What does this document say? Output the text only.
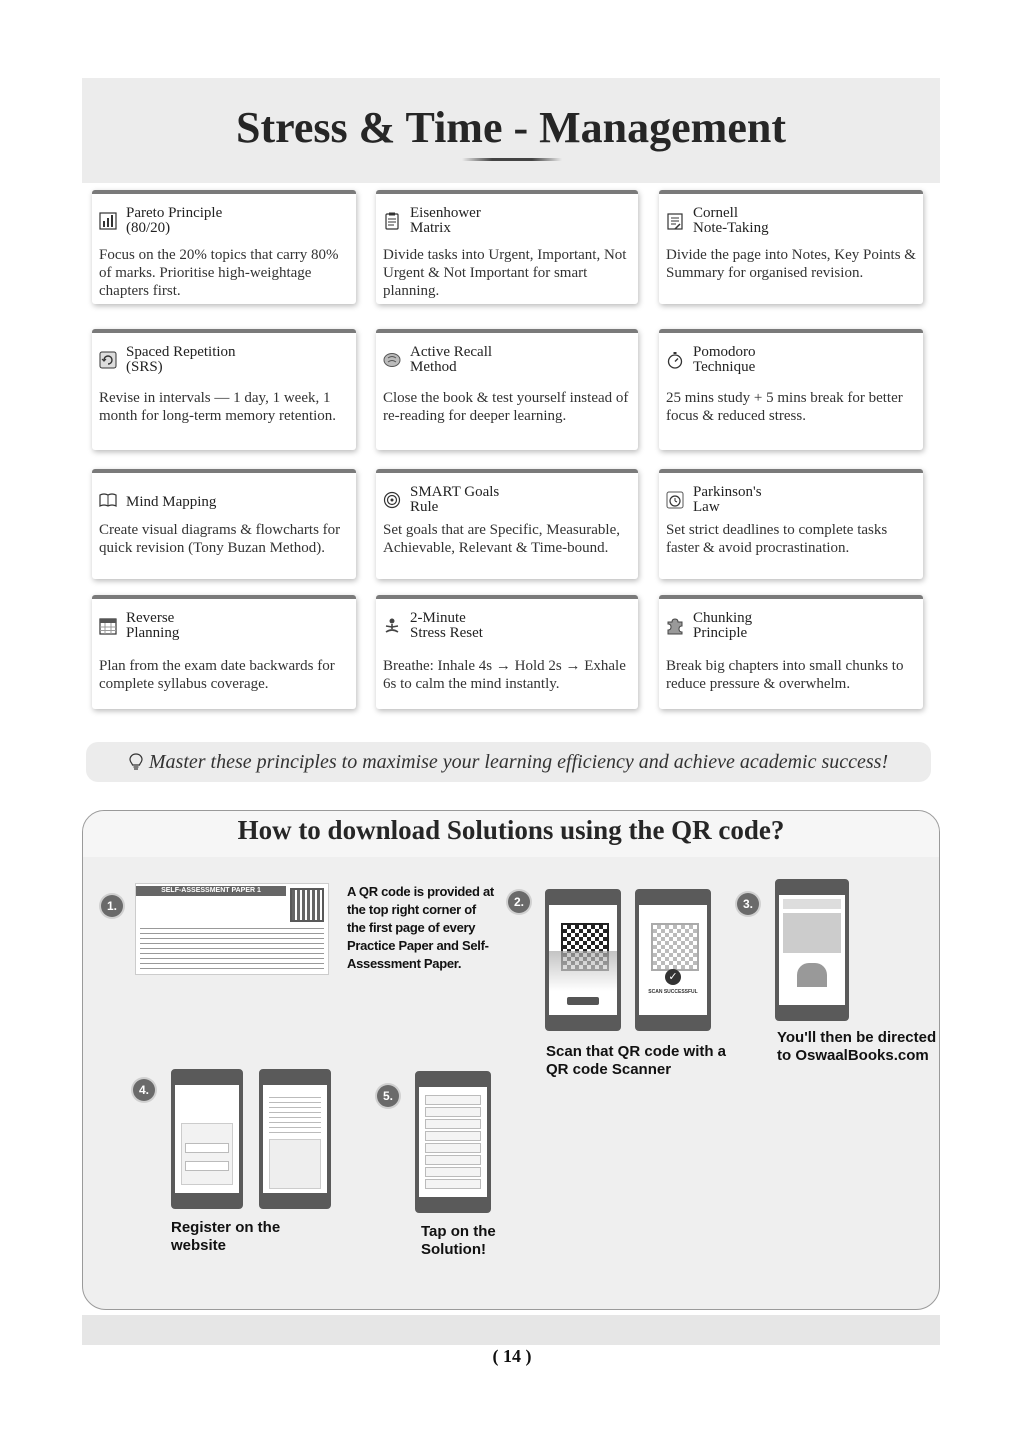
Stress & Time - Management
Pareto Principle
(80/20)
Focus on the 20% topics that carry 80% of marks. Prioritise high-weightage chapters first.
Eisenhower
Matrix
Divide tasks into Urgent, Important, Not Urgent & Not Important for smart planning.
Cornell
Note-Taking
Divide the page into Notes, Key Points & Summary for organised revision.
Spaced Repetition
(SRS)
Revise in intervals — 1 day, 1 week, 1 month for long-term memory retention.
Active Recall
Method
Close the book & test yourself instead of re-reading for deeper learning.
Pomodoro
Technique
25 mins study + 5 mins break for better focus & reduced stress.
Mind Mapping
Create visual diagrams & flowcharts for quick revision (Tony Buzan Method).
SMART Goals
Rule
Set goals that are Specific, Measurable, Achievable, Relevant & Time-bound.
Parkinson's
Law
Set strict deadlines to complete tasks faster & avoid procrastination.
Reverse
Planning
Plan from the exam date backwards for complete syllabus coverage.
2-Minute
Stress Reset
Breathe: Inhale 4s → Hold 2s → Exhale 6s to calm the mind instantly.
Chunking
Principle
Break big chapters into small chunks to reduce pressure & overwhelm.
Master these principles to maximise your learning efficiency and achieve academic success!
How to download Solutions using the QR code?
1.
SELF-ASSESSMENT PAPER 1	A QR code is provided at the top right corner of the first page of every Practice Paper and Self-Assessment Paper.
2.
✓
SCAN SUCCESSFUL
Scan that QR code with a QR code Scanner
3.
You'll then be directed to OswaalBooks.com
4.
Register on the website
5.
Tap on the Solution!
( 14 )
